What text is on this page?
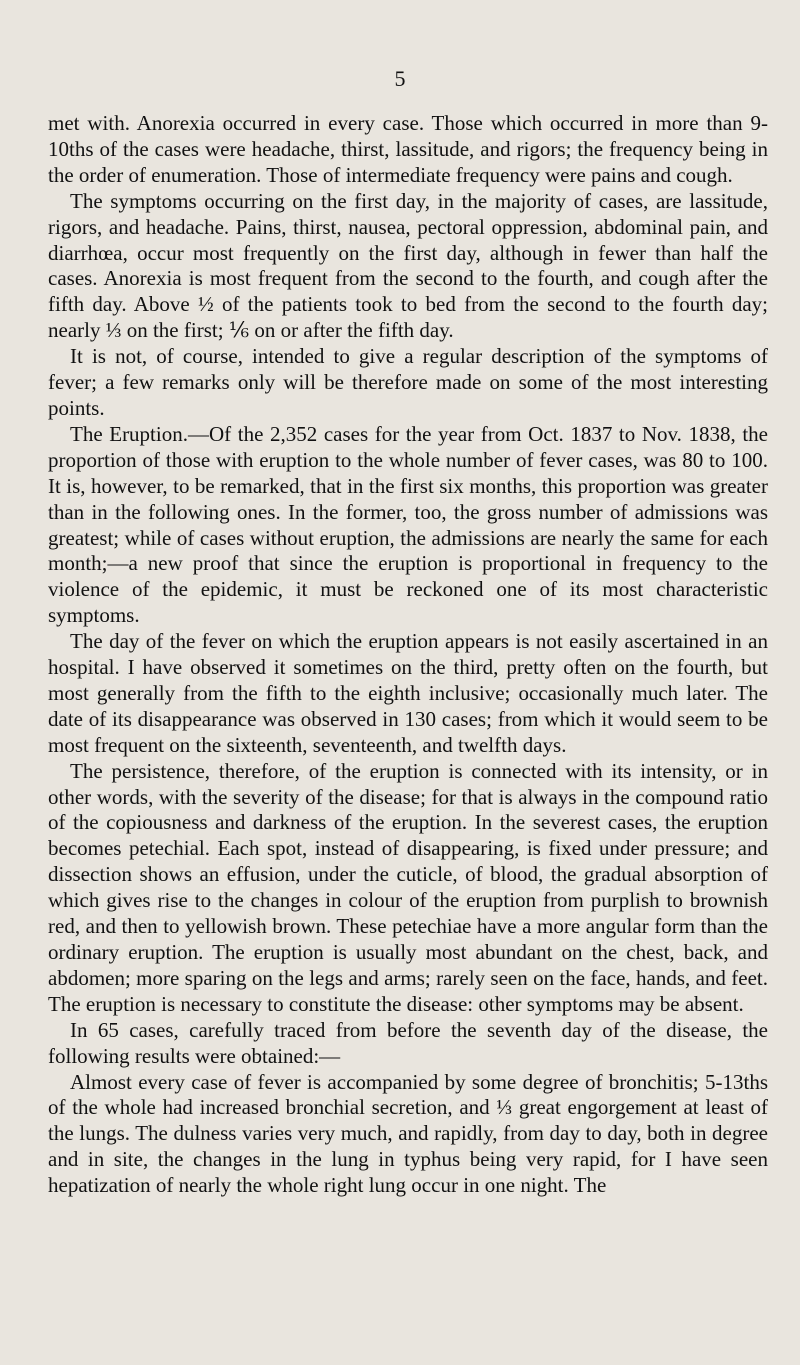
5

met with. Anorexia occurred in every case. Those which occurred in more than 9-10ths of the cases were headache, thirst, lassitude, and rigors; the frequency being in the order of enumeration. Those of intermediate frequency were pains and cough.

The symptoms occurring on the first day, in the majority of cases, are lassitude, rigors, and headache. Pains, thirst, nausea, pectoral oppression, abdominal pain, and diarrhœa, occur most frequently on the first day, although in fewer than half the cases. Anorexia is most frequent from the second to the fourth, and cough after the fifth day. Above ½ of the patients took to bed from the second to the fourth day; nearly ⅓ on the first; ⅙ on or after the fifth day.

It is not, of course, intended to give a regular description of the symptoms of fever; a few remarks only will be therefore made on some of the most interesting points.

The Eruption.—Of the 2,352 cases for the year from Oct. 1837 to Nov. 1838, the proportion of those with eruption to the whole number of fever cases, was 80 to 100. It is, however, to be remarked, that in the first six months, this proportion was greater than in the following ones. In the former, too, the gross number of admissions was greatest; while of cases without eruption, the admissions are nearly the same for each month;—a new proof that since the eruption is proportional in frequency to the violence of the epidemic, it must be reckoned one of its most characteristic symptoms.

The day of the fever on which the eruption appears is not easily ascertained in an hospital. I have observed it sometimes on the third, pretty often on the fourth, but most generally from the fifth to the eighth inclusive; occasionally much later. The date of its disappearance was observed in 130 cases; from which it would seem to be most frequent on the sixteenth, seventeenth, and twelfth days.

The persistence, therefore, of the eruption is connected with its intensity, or in other words, with the severity of the disease; for that is always in the compound ratio of the copiousness and darkness of the eruption. In the severest cases, the eruption becomes petechial. Each spot, instead of disappearing, is fixed under pressure; and dissection shows an effusion, under the cuticle, of blood, the gradual absorption of which gives rise to the changes in colour of the eruption from purplish to brownish red, and then to yellowish brown. These petechiae have a more angular form than the ordinary eruption. The eruption is usually most abundant on the chest, back, and abdomen; more sparing on the legs and arms; rarely seen on the face, hands, and feet. The eruption is necessary to constitute the disease: other symptoms may be absent.

In 65 cases, carefully traced from before the seventh day of the disease, the following results were obtained:—

Almost every case of fever is accompanied by some degree of bronchitis; 5-13ths of the whole had increased bronchial secretion, and ⅓ great engorgement at least of the lungs. The dulness varies very much, and rapidly, from day to day, both in degree and in site, the changes in the lung in typhus being very rapid, for I have seen hepatization of nearly the whole right lung occur in one night. The
